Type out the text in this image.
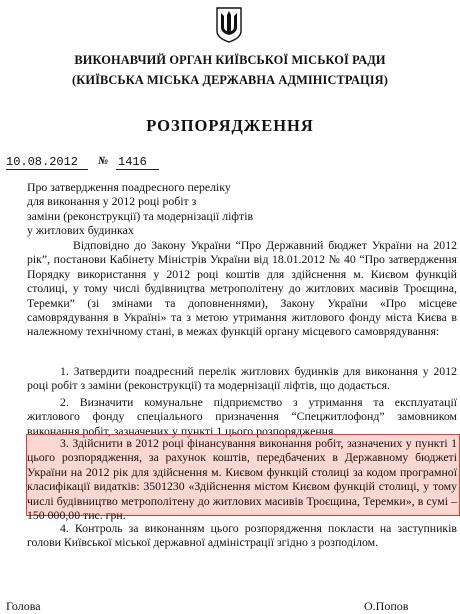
ВИКОНАВЧИЙ ОРГАН КИЇВСЬКОЇ МІСЬКОЇ РАДИ
(КИЇВСЬКА МІСЬКА ДЕРЖАВНА АДМІНІСТРАЦІЯ)
РОЗПОРЯДЖЕННЯ
10.08.2012	№ 1416
Про затвердження поадресного переліку
для виконання у 2012 році робіт з
заміни (реконструкції) та модернізації ліфтів
у житлових будинках
Відповідно до Закону України “Про Державний бюджет України на 2012 рік”, постанови Кабінету Міністрів України від 18.01.2012 № 40 “Про затвердження Порядку використання у 2012 році коштів для здійснення м. Києвом функцій столиці, у тому числі будівництва метрополітену до житлових масивів Троєщина, Теремки” (зі змінами та доповненнями), Закону України «Про місцеве самоврядування в Україні» та з метою утримання житлового фонду міста Києва в належному технічному стані, в межах функцій органу місцевого самоврядування:
1. Затвердити поадресний перелік житлових будинків для виконання у 2012 році робіт з заміни (реконструкції) та модернізації ліфтів, що додається.
2. Визначити комунальне підприємство з утримання та експлуатації житлового фонду спеціального призначення “Спецжитлофонд” замовником виконання робіт, зазначених у пункті 1 цього розпорядження.
3. Здійснити в 2012 році фінансування виконання робіт, зазначених у пункті 1 цього розпорядження, за рахунок коштів, передбачених в Державному бюджеті України на 2012 рік для здійснення м. Києвом функцій столиці за кодом програмної класифікації видатків: 3501230 «Здійснення містом Києвом функцій столиці, у тому числі будівництво метрополітену до житлових масивів Троєщина, Теремки», в сумі – 150 000,00 тис. грн.
4. Контроль за виконанням цього розпорядження покласти на заступників голови Київської міської державної адміністрації згідно з розподілом.
Голова	О.Попов
